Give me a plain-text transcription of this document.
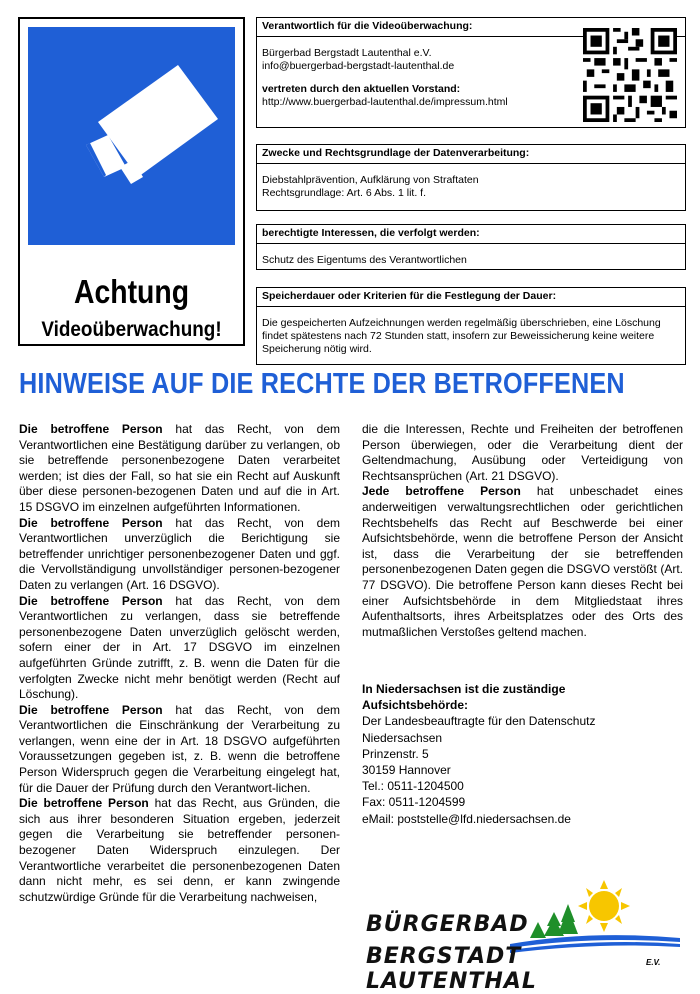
Achtung
Videoüberwachung!
Verantwortlich für die Videoüberwachung:

Bürgerbad Bergstadt Lautenthal e.V.

info@buergerbad-bergstadt-lautenthal.de

vertreten durch den aktuellen Vorstand:

http://www.buergerbad-lautenthal.de/impressum.html

Zwecke und Rechtsgrundlage der Datenverarbeitung:

Diebstahlprävention, Aufklärung von Straftaten

Rechtsgrundlage: Art. 6 Abs. 1 lit. f.

berechtigte Interessen, die verfolgt werden:

Schutz des Eigentums des Verantwortlichen

Speicherdauer oder Kriterien für die Festlegung der Dauer:

Die gespeicherten Aufzeichnungen werden regelmäßig überschrieben, eine Löschung findet spätestens nach 72 Stunden statt, insofern zur Beweissicherung keine weitere Speicherung nötig wird.

HINWEISE AUF DIE RECHTE DER BETROFFENEN

Die betroffene Person hat das Recht, von dem Verantwortlichen eine Bestätigung darüber zu verlangen, ob sie betreffende personenbezogene Daten verarbeitet werden; ist dies der Fall, so hat sie ein Recht auf Auskunft über diese personen-bezogenen Daten und auf die in Art. 15 DSGVO im einzelnen aufgeführten Informationen.

Die betroffene Person hat das Recht, von dem Verantwortlichen unverzüglich die Berichtigung sie betreffender unrichtiger personenbezogener Daten und ggf. die Vervollständigung unvollständiger personen-bezogener Daten zu verlangen (Art. 16 DSGVO).

Die betroffene Person hat das Recht, von dem Verantwortlichen zu verlangen, dass sie betreffende personenbezogene Daten unverzüglich gelöscht werden, sofern einer der in Art. 17 DSGVO im einzelnen aufgeführten Gründe zutrifft, z. B. wenn die Daten für die verfolgten Zwecke nicht mehr benötigt werden (Recht auf Löschung).

Die betroffene Person hat das Recht, von dem Verantwortlichen die Einschränkung der Verarbeitung zu verlangen, wenn eine der in Art. 18 DSGVO aufgeführten Voraussetzungen gegeben ist, z. B. wenn die betroffene Person Widerspruch gegen die Verarbeitung eingelegt hat, für die Dauer der Prüfung durch den Verantwort-lichen.

Die betroffene Person hat das Recht, aus Gründen, die sich aus ihrer besonderen Situation ergeben, jederzeit gegen die Verarbeitung sie betreffender personen-bezogener Daten Widerspruch einzulegen. Der Verantwortliche verarbeitet die personenbezogenen Daten dann nicht mehr, es sei denn, er kann zwingende schutzwürdige Gründe für die Verarbeitung nachweisen,

die die Interessen, Rechte und Freiheiten der betroffenen Person überwiegen, oder die Verarbeitung dient der Geltendmachung, Ausübung oder Verteidigung von Rechtsansprüchen (Art. 21 DSGVO).

Jede betroffene Person hat unbeschadet eines anderweitigen verwaltungsrechtlichen oder gerichtlichen Rechtsbehelfs das Recht auf Beschwerde bei einer Aufsichtsbehörde, wenn die betroffene Person der Ansicht ist, dass die Verarbeitung der sie betreffenden personenbezogenen Daten gegen die DSGVO verstößt (Art. 77 DSGVO). Die betroffene Person kann dieses Recht bei einer Aufsichtsbehörde in dem Mitgliedstaat ihres Aufenthaltsorts, ihres Arbeitsplatzes oder des Orts des mutmaßlichen Verstoßes geltend machen.

In Niedersachsen ist die zuständige
Aufsichtsbehörde:
Der Landesbeauftragte für den Datenschutz
Niedersachsen
Prinzenstr. 5
30159 Hannover
Tel.: 0511-1204500
Fax: 0511-1204599
eMail: poststelle@lfd.niedersachsen.de
BÜRGERBAD
BERGSTADT LAUTENTHAL
E.V.
